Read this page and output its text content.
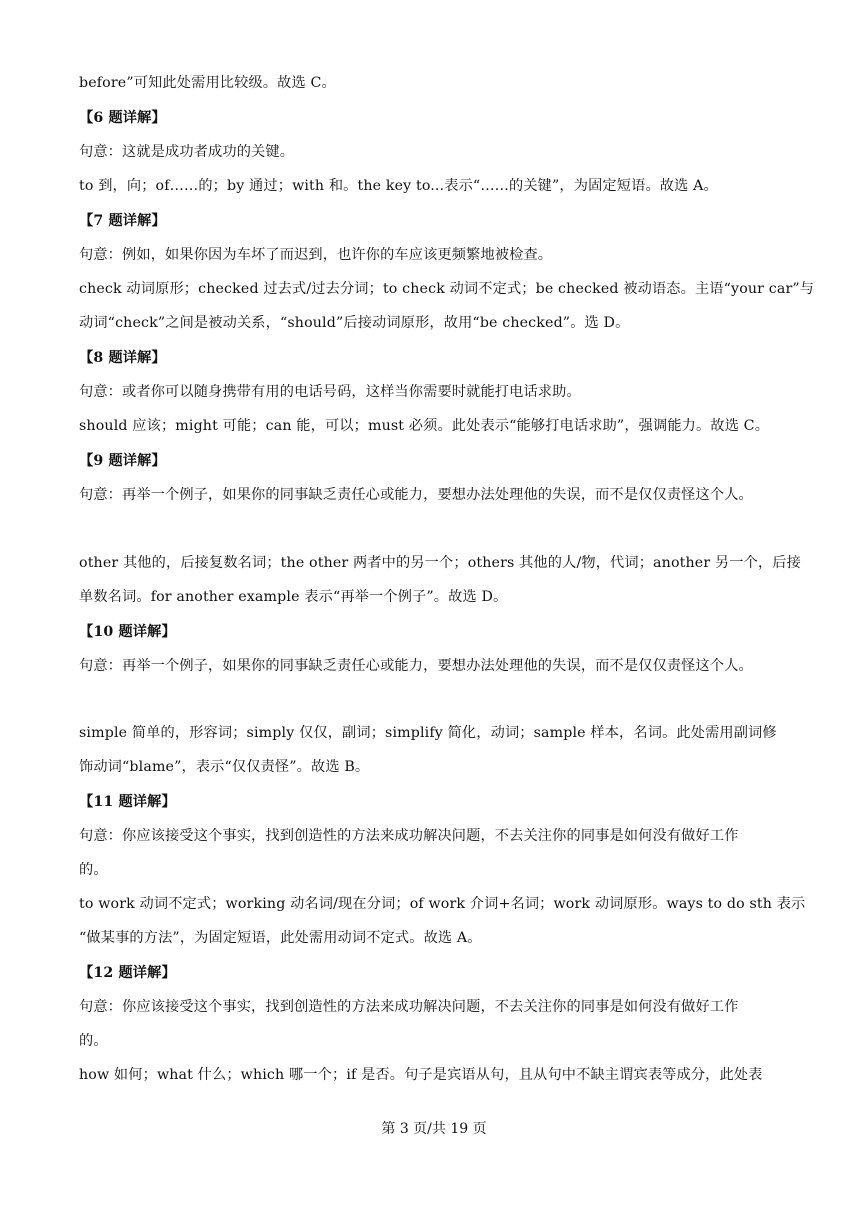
before”可知此处需用比较级。故选 C。
【6 题详解】
句意：这就是成功者成功的关键。
to 到，向；of……的；by 通过；with 和。the key to...表示“……的关键”，为固定短语。故选 A。
【7 题详解】
句意：例如，如果你因为车坏了而迟到，也许你的车应该更频繁地被检查。
check 动词原形；checked 过去式/过去分词；to check 动词不定式；be checked 被动语态。主语“your car”与
动词“check”之间是被动关系，“should”后接动词原形，故用“be checked”。选 D。
【8 题详解】
句意：或者你可以随身携带有用的电话号码，这样当你需要时就能打电话求助。
should 应该；might 可能；can 能，可以；must 必须。此处表示“能够打电话求助”，强调能力。故选 C。
【9 题详解】
句意：再举一个例子，如果你的同事缺乏责任心或能力，要想办法处理他的失误，而不是仅仅责怪这个人。
other 其他的，后接复数名词；the other 两者中的另一个；others 其他的人/物，代词；another 另一个，后接
单数名词。for another example 表示“再举一个例子”。故选 D。
【10 题详解】
句意：再举一个例子，如果你的同事缺乏责任心或能力，要想办法处理他的失误，而不是仅仅责怪这个人。
simple 简单的，形容词；simply 仅仅，副词；simplify 简化，动词；sample 样本，名词。此处需用副词修
饰动词“blame”，表示“仅仅责怪”。故选 B。
【11 题详解】
句意：你应该接受这个事实，找到创造性的方法来成功解决问题，不去关注你的同事是如何没有做好工作
的。
to work 动词不定式；working 动名词/现在分词；of work 介词+名词；work 动词原形。ways to do sth 表示
“做某事的方法”，为固定短语，此处需用动词不定式。故选 A。
【12 题详解】
句意：你应该接受这个事实，找到创造性的方法来成功解决问题，不去关注你的同事是如何没有做好工作
的。
how 如何；what 什么；which 哪一个；if 是否。句子是宾语从句，且从句中不缺主谓宾表等成分，此处表
第 3 页/共 19 页
